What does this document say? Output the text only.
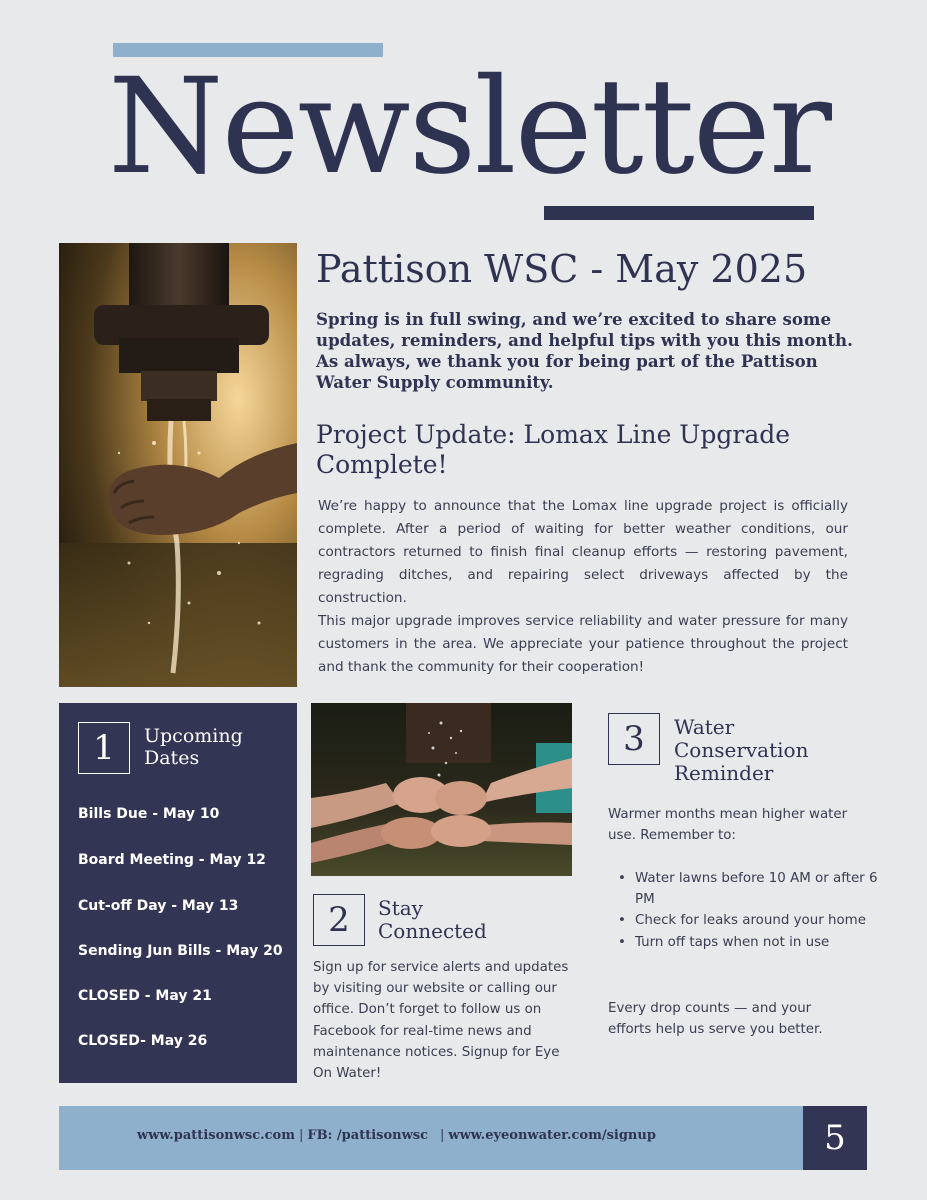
Newsletter
Pattison WSC - May 2025
Spring is in full swing, and we’re excited to share some updates, reminders, and helpful tips with you this month. As always, we thank you for being part of the Pattison Water Supply community.
Project Update: Lomax Line Upgrade Complete!

We’re happy to announce that the Lomax line upgrade project is officially complete. After a period of waiting for better weather conditions, our contractors returned to finish final cleanup efforts — restoring pavement, regrading ditches, and repairing select driveways affected by the construction.

This major upgrade improves service reliability and water pressure for many customers in the area. We appreciate your patience throughout the project and thank the community for their cooperation!

1	Upcoming
Dates
Bills Due - May 10
Board Meeting - May 12
Cut-off Day - May 13
Sending Jun Bills - May 20
CLOSED - May 21
CLOSED- May 26
2	Stay
Connected
Sign up for service alerts and updates by visiting our website or calling our office. Don’t forget to follow us on Facebook for real-time news and maintenance notices. Signup for Eye On Water!
3	Water
Conservation
Reminder
Warmer months mean higher water use. Remember to:
• Water lawns before 10 AM or after 6 PM
• Check for leaks around your home
• Turn off taps when not in use
Every drop counts — and your efforts help us serve you better.
www.pattisonwsc.com | FB: /pattisonwsc | www.eyeonwater.com/signup	5
